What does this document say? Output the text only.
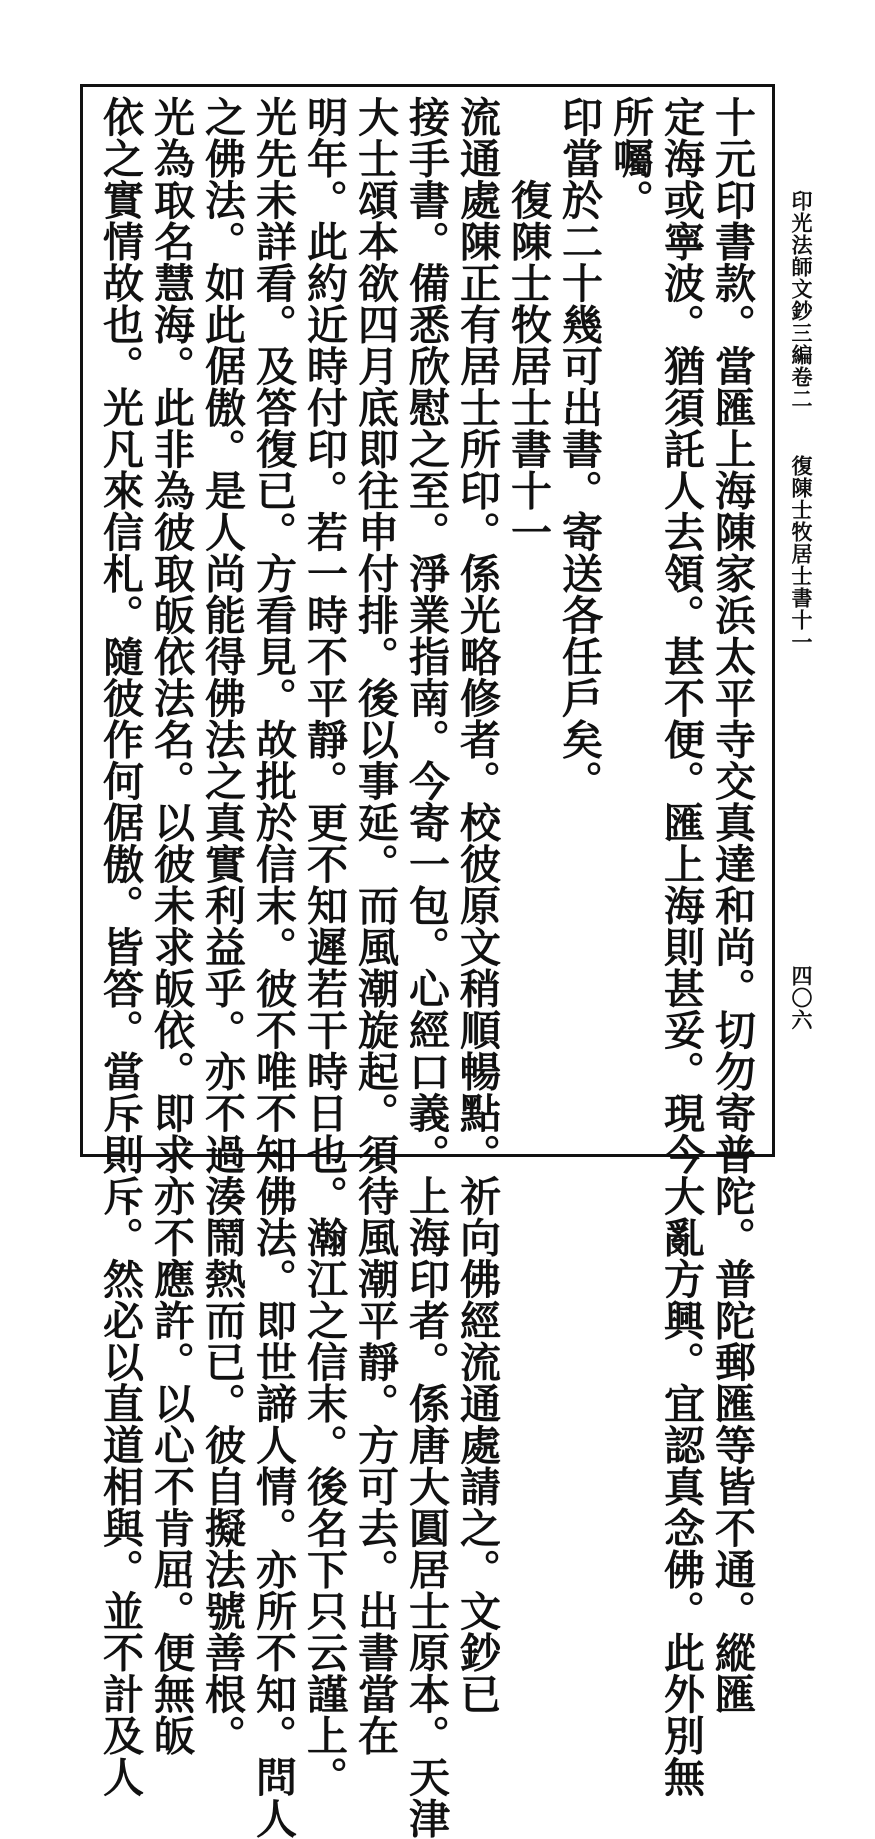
印光法師文鈔三編卷二
復陳士牧居士書十一
四〇六
十元印書款。當匯上海陳家浜太平寺交真達和尚。切勿寄普陀。普陀郵匯等皆不通。縱匯
定海或寧波。猶須託人去領。甚不便。匯上海則甚妥。現今大亂方興。宜認真念佛。此外別無
所囑。
印當於二十幾可出書。寄送各任戶矣。
　　復陳士牧居士書十一
流通處陳正有居士所印。係光略修者。校彼原文稍順暢點。祈向佛經流通處請之。文鈔已
接手書。備悉欣慰之至。淨業指南。今寄一包。心經口義。上海印者。係唐大圓居士原本。天津
大士頌本欲四月底即往申付排。後以事延。而風潮旋起。須待風潮平靜。方可去。出書當在
明年。此約近時付印。若一時不平靜。更不知遲若干時日也。瀚江之信末。後名下只云謹上。
光先未詳看。及答復已。方看見。故批於信末。彼不唯不知佛法。即世諦人情。亦所不知。問人
之佛法。如此倨傲。是人尚能得佛法之真實利益乎。亦不過湊鬧熱而已。彼自擬法號善根。
光為取名慧海。此非為彼取皈依法名。以彼未求皈依。即求亦不應許。以心不肯屈。便無皈
依之實情故也。光凡來信札。隨彼作何倨傲。皆答。當斥則斥。然必以直道相與。並不計及人
